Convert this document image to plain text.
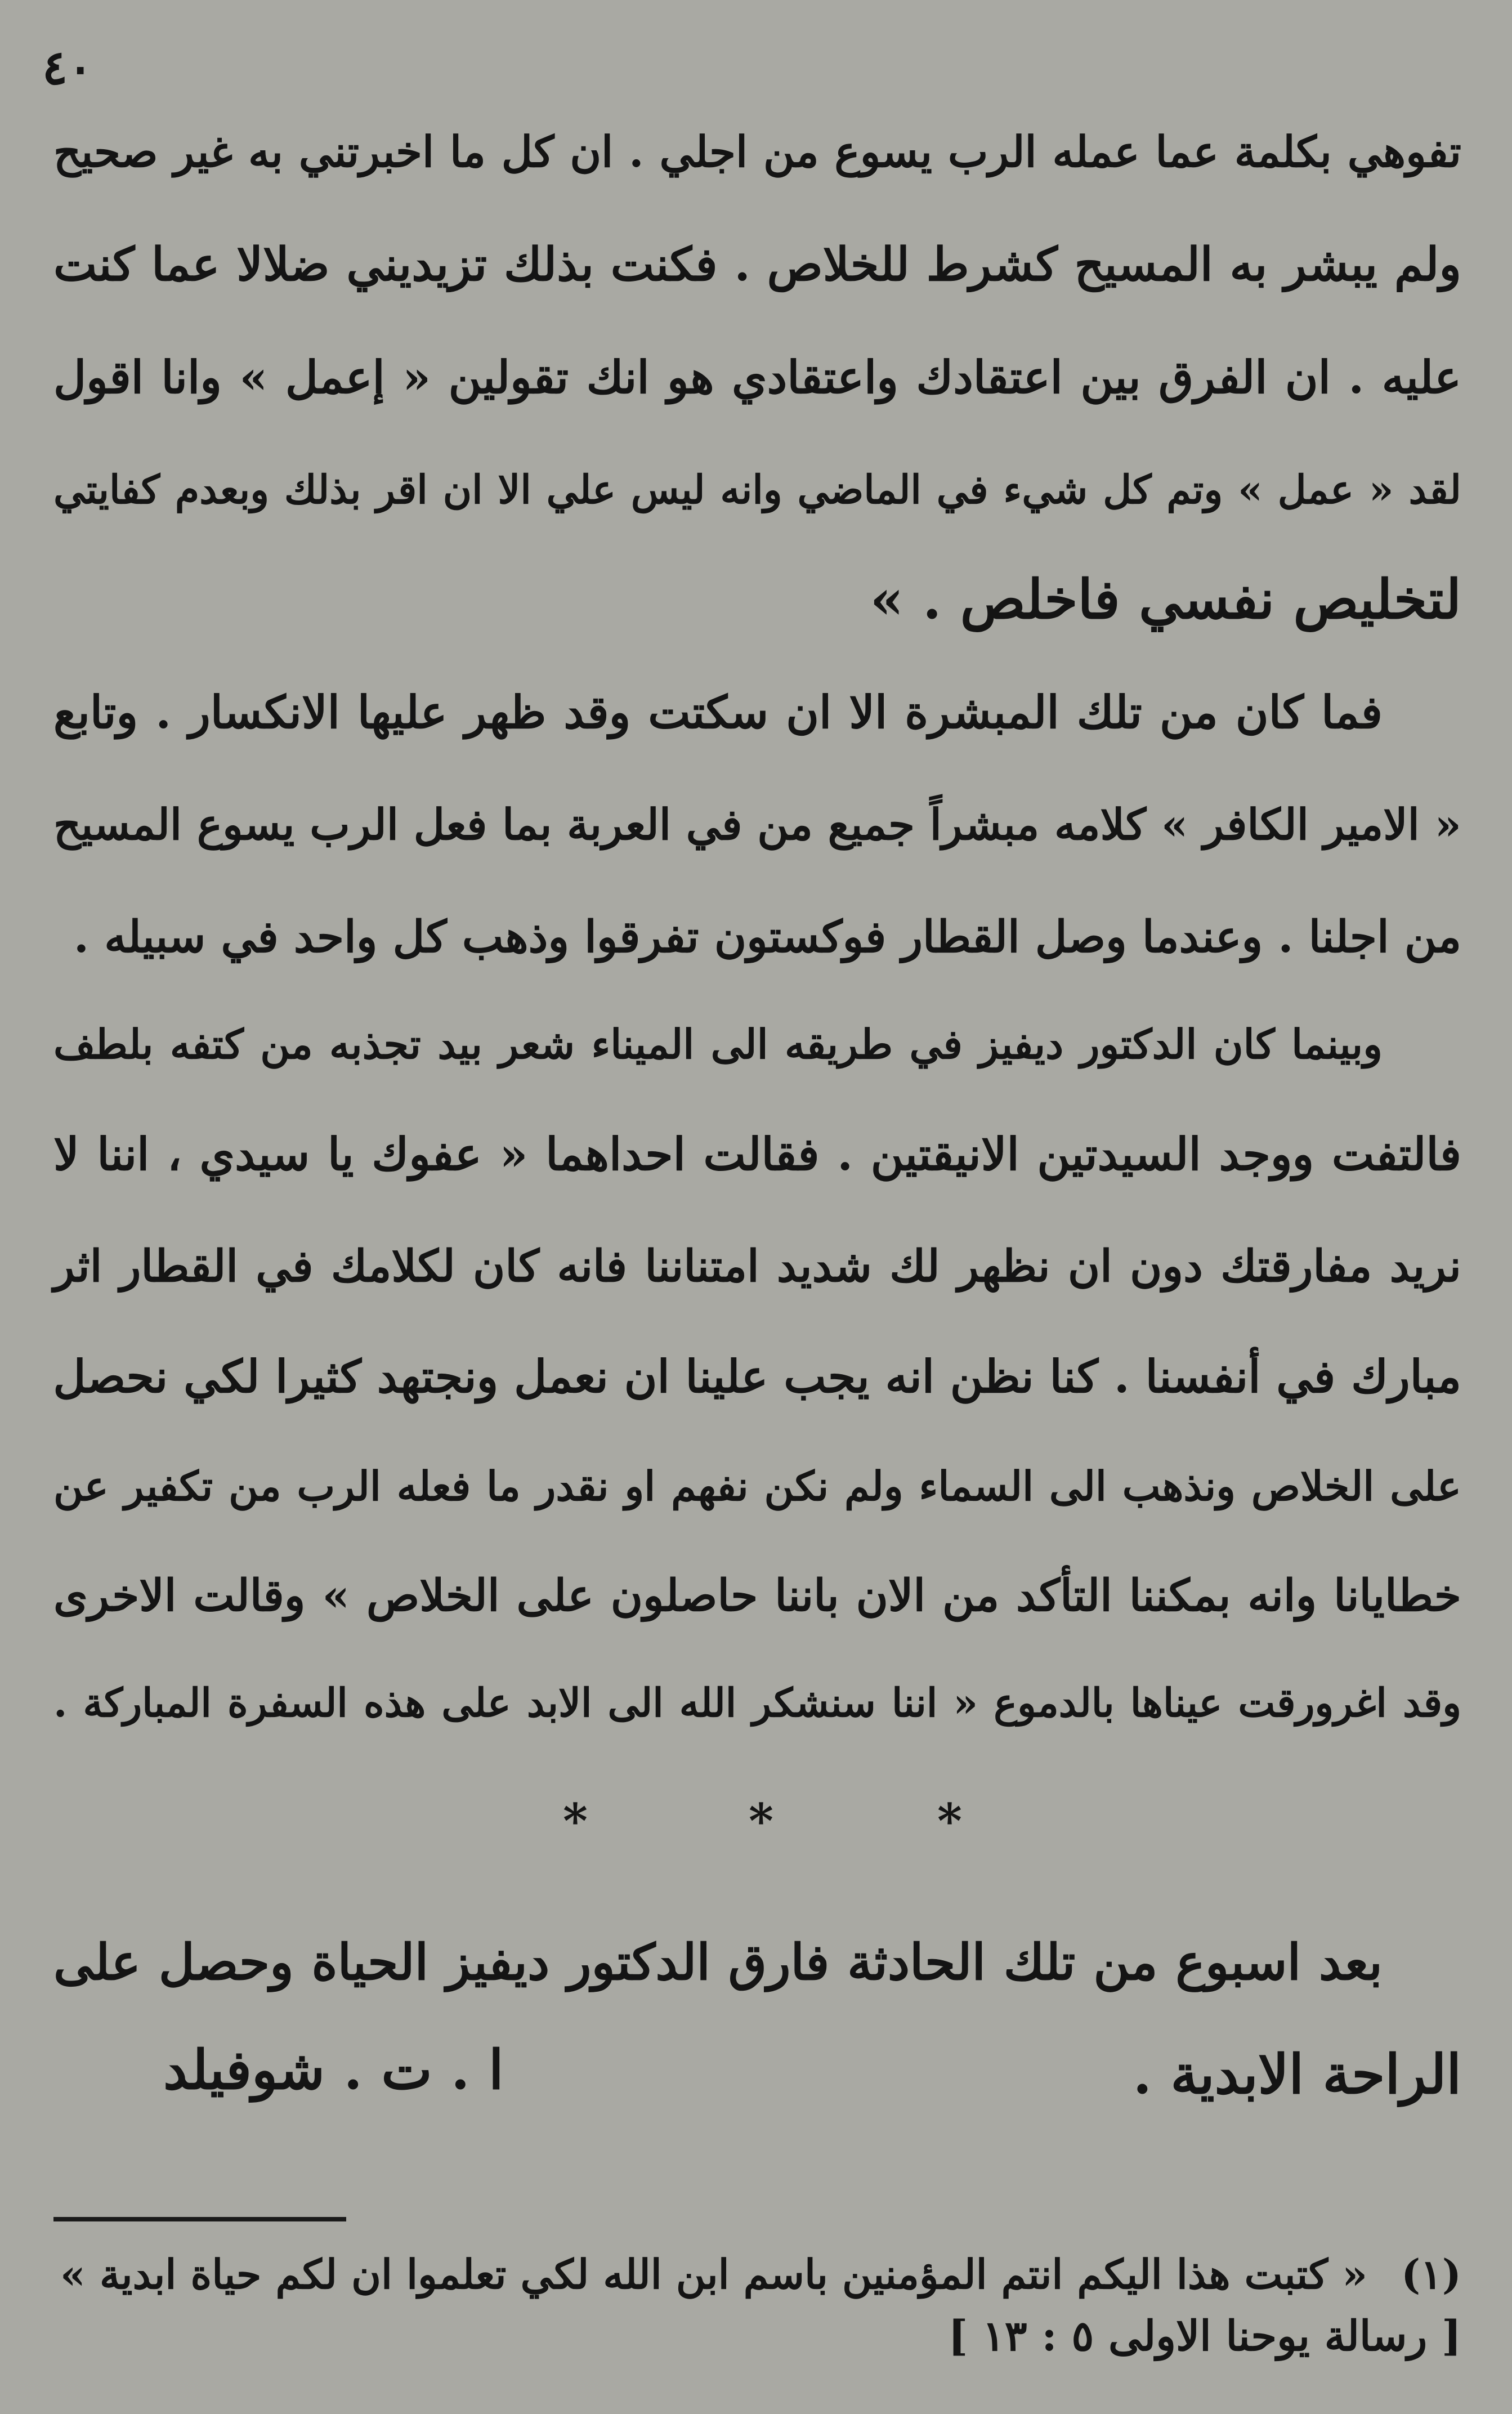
٤٠
تفوهي بكلمة عما عمله الرب يسوع من اجلي . ان كل ما اخبرتني به غير صحيح
ولم يبشر به المسيح كشرط للخلاص . فكنت بذلك تزيديني ضلالا عما كنت
عليه . ان الفرق بين اعتقادك واعتقادي هو انك تقولين « إعمل » وانا اقول
لقد « عمل » وتم كل شيء في الماضي وانه ليس علي الا ان اقر بذلك وبعدم كفايتي
لتخليص نفسي فاخلص . »
فما كان من تلك المبشرة الا ان سكتت وقد ظهر عليها الانكسار . وتابع
« الامير الكافر » كلامه مبشراً جميع من في العربة بما فعل الرب يسوع المسيح
من اجلنا . وعندما وصل القطار فوكستون تفرقوا وذهب كل واحد في سبيله .
وبينما كان الدكتور ديفيز في طريقه الى الميناء شعر بيد تجذبه من كتفه بلطف
فالتفت ووجد السيدتين الانيقتين . فقالت احداهما « عفوك يا سيدي ، اننا لا
نريد مفارقتك دون ان نظهر لك شديد امتناننا فانه كان لكلامك في القطار اثر
مبارك في أنفسنا . كنا نظن انه يجب علينا ان نعمل ونجتهد كثيرا لكي نحصل
على الخلاص ونذهب الى السماء ولم نكن نفهم او نقدر ما فعله الرب من تكفير عن
خطايانا وانه بمكننا التأكد من الان باننا حاصلون على الخلاص » وقالت الاخرى
وقد اغرورقت عيناها بالدموع « اننا سنشكر الله الى الابد على هذه السفرة المباركة .
*	*	*
بعد اسبوع من تلك الحادثة فارق الدكتور ديفيز الحياة وحصل على
الراحة الابدية .
ا . ت . شوفيلد
(١)« كتبت هذا اليكم انتم المؤمنين باسم ابن الله لكي تعلموا ان لكم حياة ابدية »
[ رسالة يوحنا الاولى ٥ : ١٣ ]
